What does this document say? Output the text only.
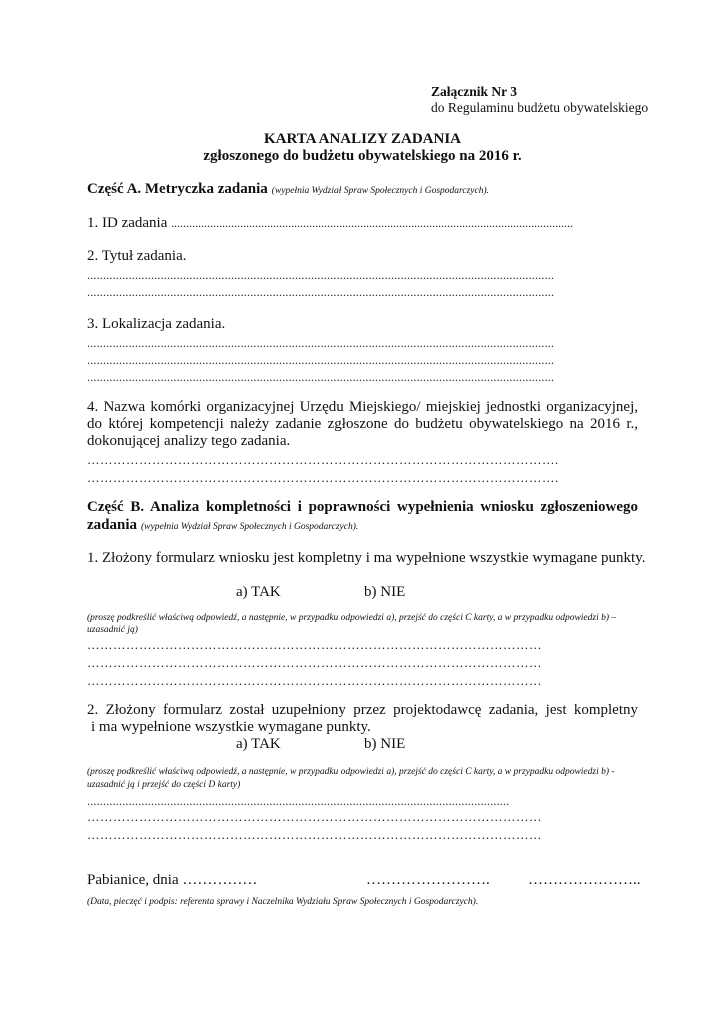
Załącznik Nr 3
do Regulaminu budżetu obywatelskiego
KARTA ANALIZY ZADANIA
zgłoszonego do budżetu obywatelskiego na 2016 r.
Część A. Metryczka zadania (wypełnia Wydział Spraw Społecznych i Gospodarczych).
1. ID zadania ......................................................................................................................................
2. Tytuł zadania.
..................................................................................................................................................
..................................................................................................................................................
3. Lokalizacja zadania.
..................................................................................................................................................
..................................................................................................................................................
..................................................................................................................................................
4. Nazwa komórki organizacyjnej Urzędu Miejskiego/ miejskiej jednostki organizacyjnej,
do której kompetencji należy zadanie zgłoszone do budżetu obywatelskiego na 2016 r.,
dokonującej analizy tego zadania.
……………………………………………………………………………………………….
……………………………………………………………………………………………….
Część B. Analiza kompletności i poprawności wypełnienia wniosku zgłoszeniowego
zadania (wypełnia Wydział Spraw Społecznych i Gospodarczych).
1. Złożony formularz wniosku jest kompletny i ma wypełnione wszystkie wymagane punkty.
a) TAK	b) NIE
(proszę podkreślić właściwą odpowiedź, a następnie, w przypadku odpowiedzi a), przejść do części C karty, a w przypadku odpowiedzi b) –
uzasadnić ją)
……………………………………………………………………………………………
……………………………………………………………………………………………
……………………………………………………………………………………………
2. Złożony formularz został uzupełniony przez projektodawcę zadania, jest kompletny
i ma wypełnione wszystkie wymagane punkty.
a) TAK	b) NIE
(proszę podkreślić właściwą odpowiedź, a następnie, w przypadku odpowiedzi a), przejść do części C karty, a w przypadku odpowiedzi b) -
uzasadnić ją i przejść do części D karty)
....................................................................................................................................
……………………………………………………………………………………………
……………………………………………………………………………………………
Pabianice, dnia ……………	…………………….	…………………..
(Data, pieczęć i podpis: referenta sprawy i Naczelnika Wydziału Spraw Społecznych i Gospodarczych).
